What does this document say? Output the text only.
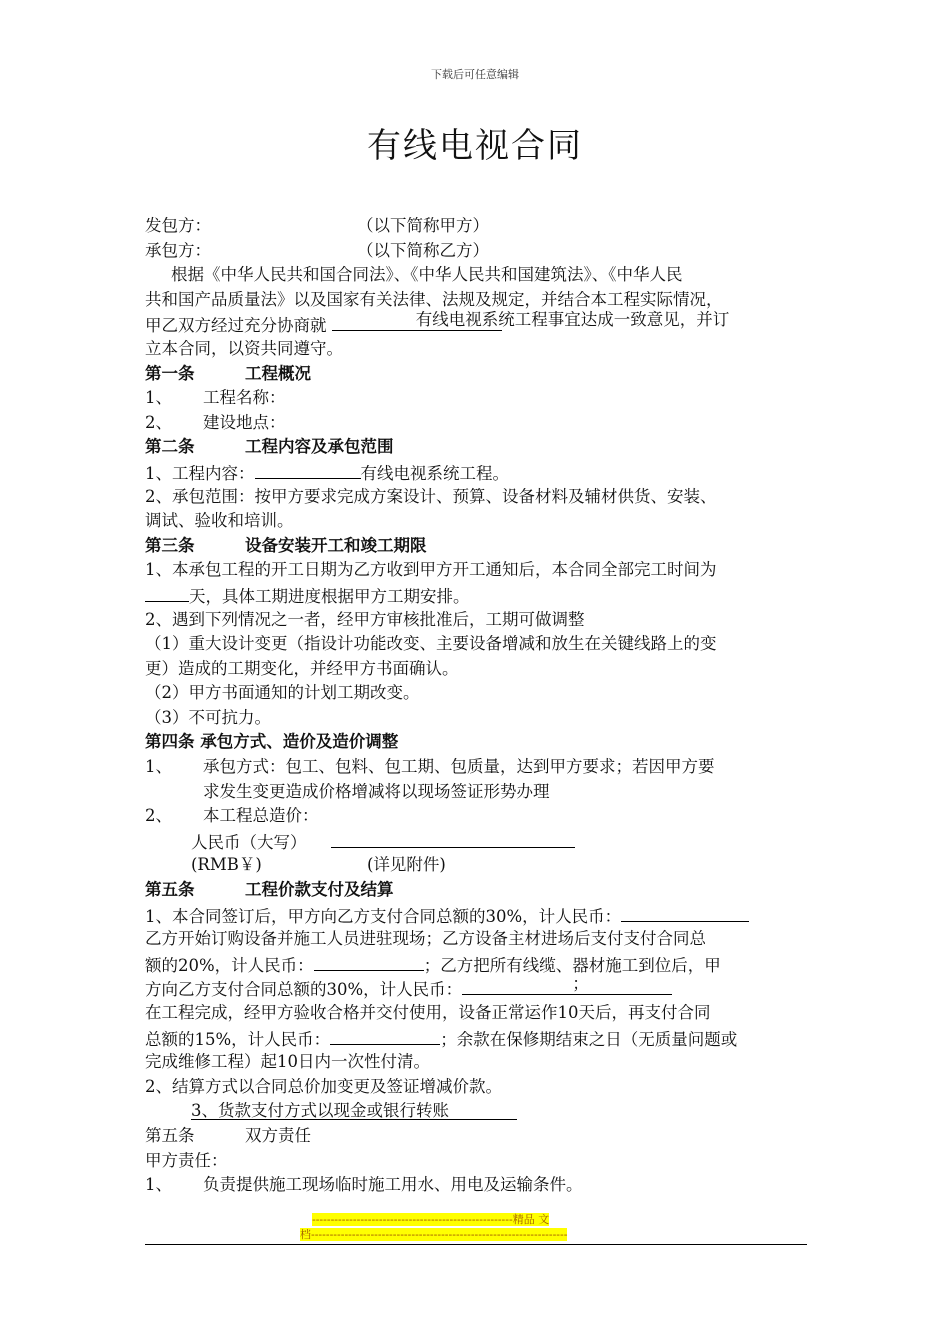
下载后可任意编辑
有线电视合同
发包方：	（以下简称甲方）
承包方：	（以下简称乙方）
根据《中华人民共和国合同法》、《中华人民共和国建筑法》、《中华人民
共和国产品质量法》以及国家有关法律、法规及规定，并结合本工程实际情况，
甲乙双方经过充分协商就	有线电视系统工程事宜达成一致意见，并订
立本合同，以资共同遵守。
第一条	工程概况
1、 工程名称：
2、 建设地点：
第二条	工程内容及承包范围
1、工程内容：	有线电视系统工程。
2、承包范围：按甲方要求完成方案设计、预算、设备材料及辅材供货、安装、
调试、验收和培训。
第三条	设备安装开工和竣工期限
1、本承包工程的开工日期为乙方收到甲方开工通知后，本合同全部完工时间为
天，具体工期进度根据甲方工期安排。
2、遇到下列情况之一者，经甲方审核批准后，工期可做调整
（1）重大设计变更（指设计功能改变、主要设备增减和放生在关键线路上的变
更）造成的工期变化，并经甲方书面确认。
（2）甲方书面通知的计划工期改变。
（3）不可抗力。
第四条 承包方式、造价及造价调整
1、 承包方式：包工、包料、包工期、包质量，达到甲方要求；若因甲方要
求发生变更造成价格增减将以现场签证形势办理
2、 本工程总造价：
人民币（大写）
(RMB￥)	(详见附件)
第五条	工程价款支付及结算
1、本合同签订后，甲方向乙方支付合同总额的30%，计人民币：
乙方开始订购设备并施工人员进驻现场；乙方设备主材进场后支付支付合同总
额的20%，计人民币：	；乙方把所有线缆、器材施工到位后，甲
方向乙方支付合同总额的30%，计人民币：	；
在工程完成，经甲方验收合格并交付使用，设备正常运作10天后，再支付合同
总额的15%，计人民币：	；余款在保修期结束之日（无质量问题或
完成维修工程）起10日内一次性付清。
2、结算方式以合同总价加变更及签证增减价款。
3、货款支付方式以现金或银行转账
第五条	双方责任
甲方责任：
1、 负责提供施工现场临时施工用水、用电及运输条件。
------------------------------------------------------精品 文
档---------------------------------------------------------------------
